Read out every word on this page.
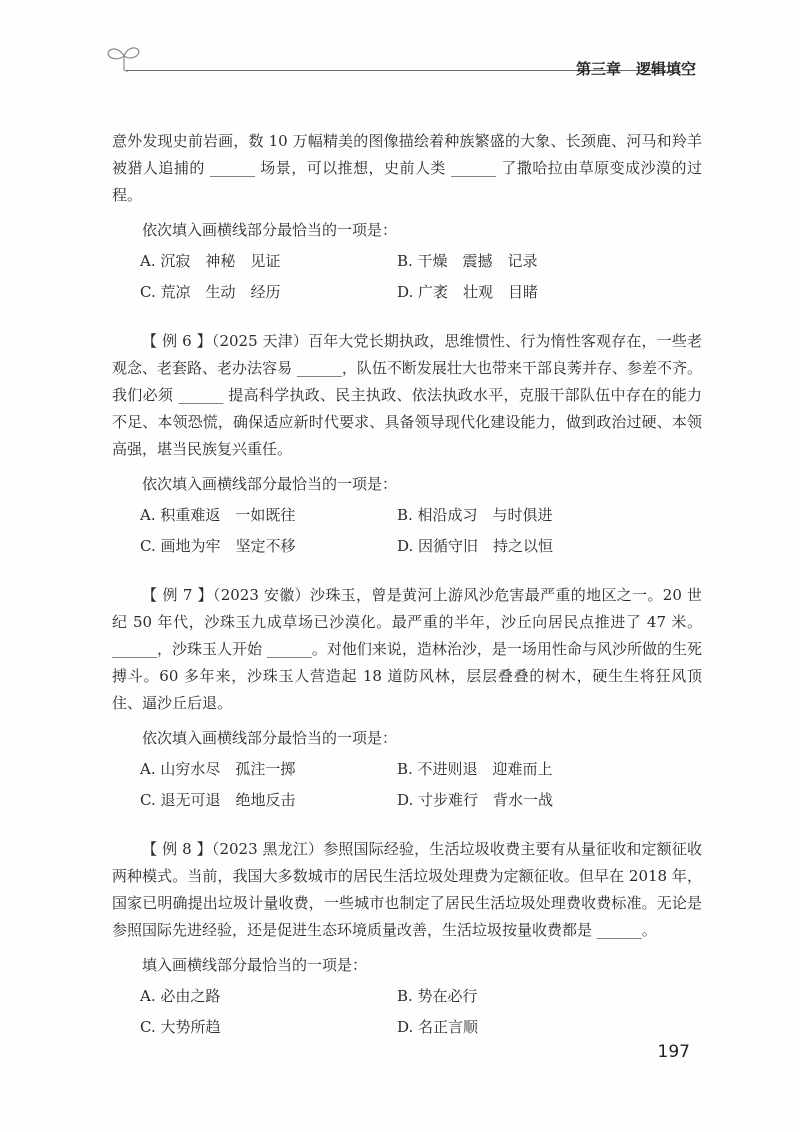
第三章　逻辑填空

意外发现史前岩画，数 10 万幅精美的图像描绘着种族繁盛的大象、长颈鹿、河马和羚羊被猎人追捕的 ______ 场景，可以推想，史前人类 ______ 了撒哈拉由草原变成沙漠的过程。

依次填入画横线部分最恰当的一项是：

A. 沉寂　神秘　见证	B. 干燥　震撼　记录
C. 荒凉　生动　经历	D. 广袤　壮观　目睹

【 例 6 】（2025 天津）百年大党长期执政，思维惯性、行为惰性客观存在，一些老观念、老套路、老办法容易 ______，队伍不断发展壮大也带来干部良莠并存、参差不齐。我们必须 ______ 提高科学执政、民主执政、依法执政水平，克服干部队伍中存在的能力不足、本领恐慌，确保适应新时代要求、具备领导现代化建设能力，做到政治过硬、本领高强，堪当民族复兴重任。

依次填入画横线部分最恰当的一项是：

A. 积重难返　一如既往	B. 相沿成习　与时俱进
C. 画地为牢　坚定不移	D. 因循守旧　持之以恒

【 例 7 】（2023 安徽）沙珠玉，曾是黄河上游风沙危害最严重的地区之一。20 世纪 50 年代，沙珠玉九成草场已沙漠化。最严重的半年，沙丘向居民点推进了 47 米。______，沙珠玉人开始 ______。对他们来说，造林治沙，是一场用性命与风沙所做的生死搏斗。60 多年来，沙珠玉人营造起 18 道防风林，层层叠叠的树木，硬生生将狂风顶住、逼沙丘后退。

依次填入画横线部分最恰当的一项是：

A. 山穷水尽　孤注一掷	B. 不进则退　迎难而上
C. 退无可退　绝地反击	D. 寸步难行　背水一战

【 例 8 】（2023 黑龙江）参照国际经验，生活垃圾收费主要有从量征收和定额征收两种模式。当前，我国大多数城市的居民生活垃圾处理费为定额征收。但早在 2018 年，国家已明确提出垃圾计量收费，一些城市也制定了居民生活垃圾处理费收费标准。无论是参照国际先进经验，还是促进生态环境质量改善，生活垃圾按量收费都是 ______。

填入画横线部分最恰当的一项是：

A. 必由之路	B. 势在必行
C. 大势所趋	D. 名正言顺
197
